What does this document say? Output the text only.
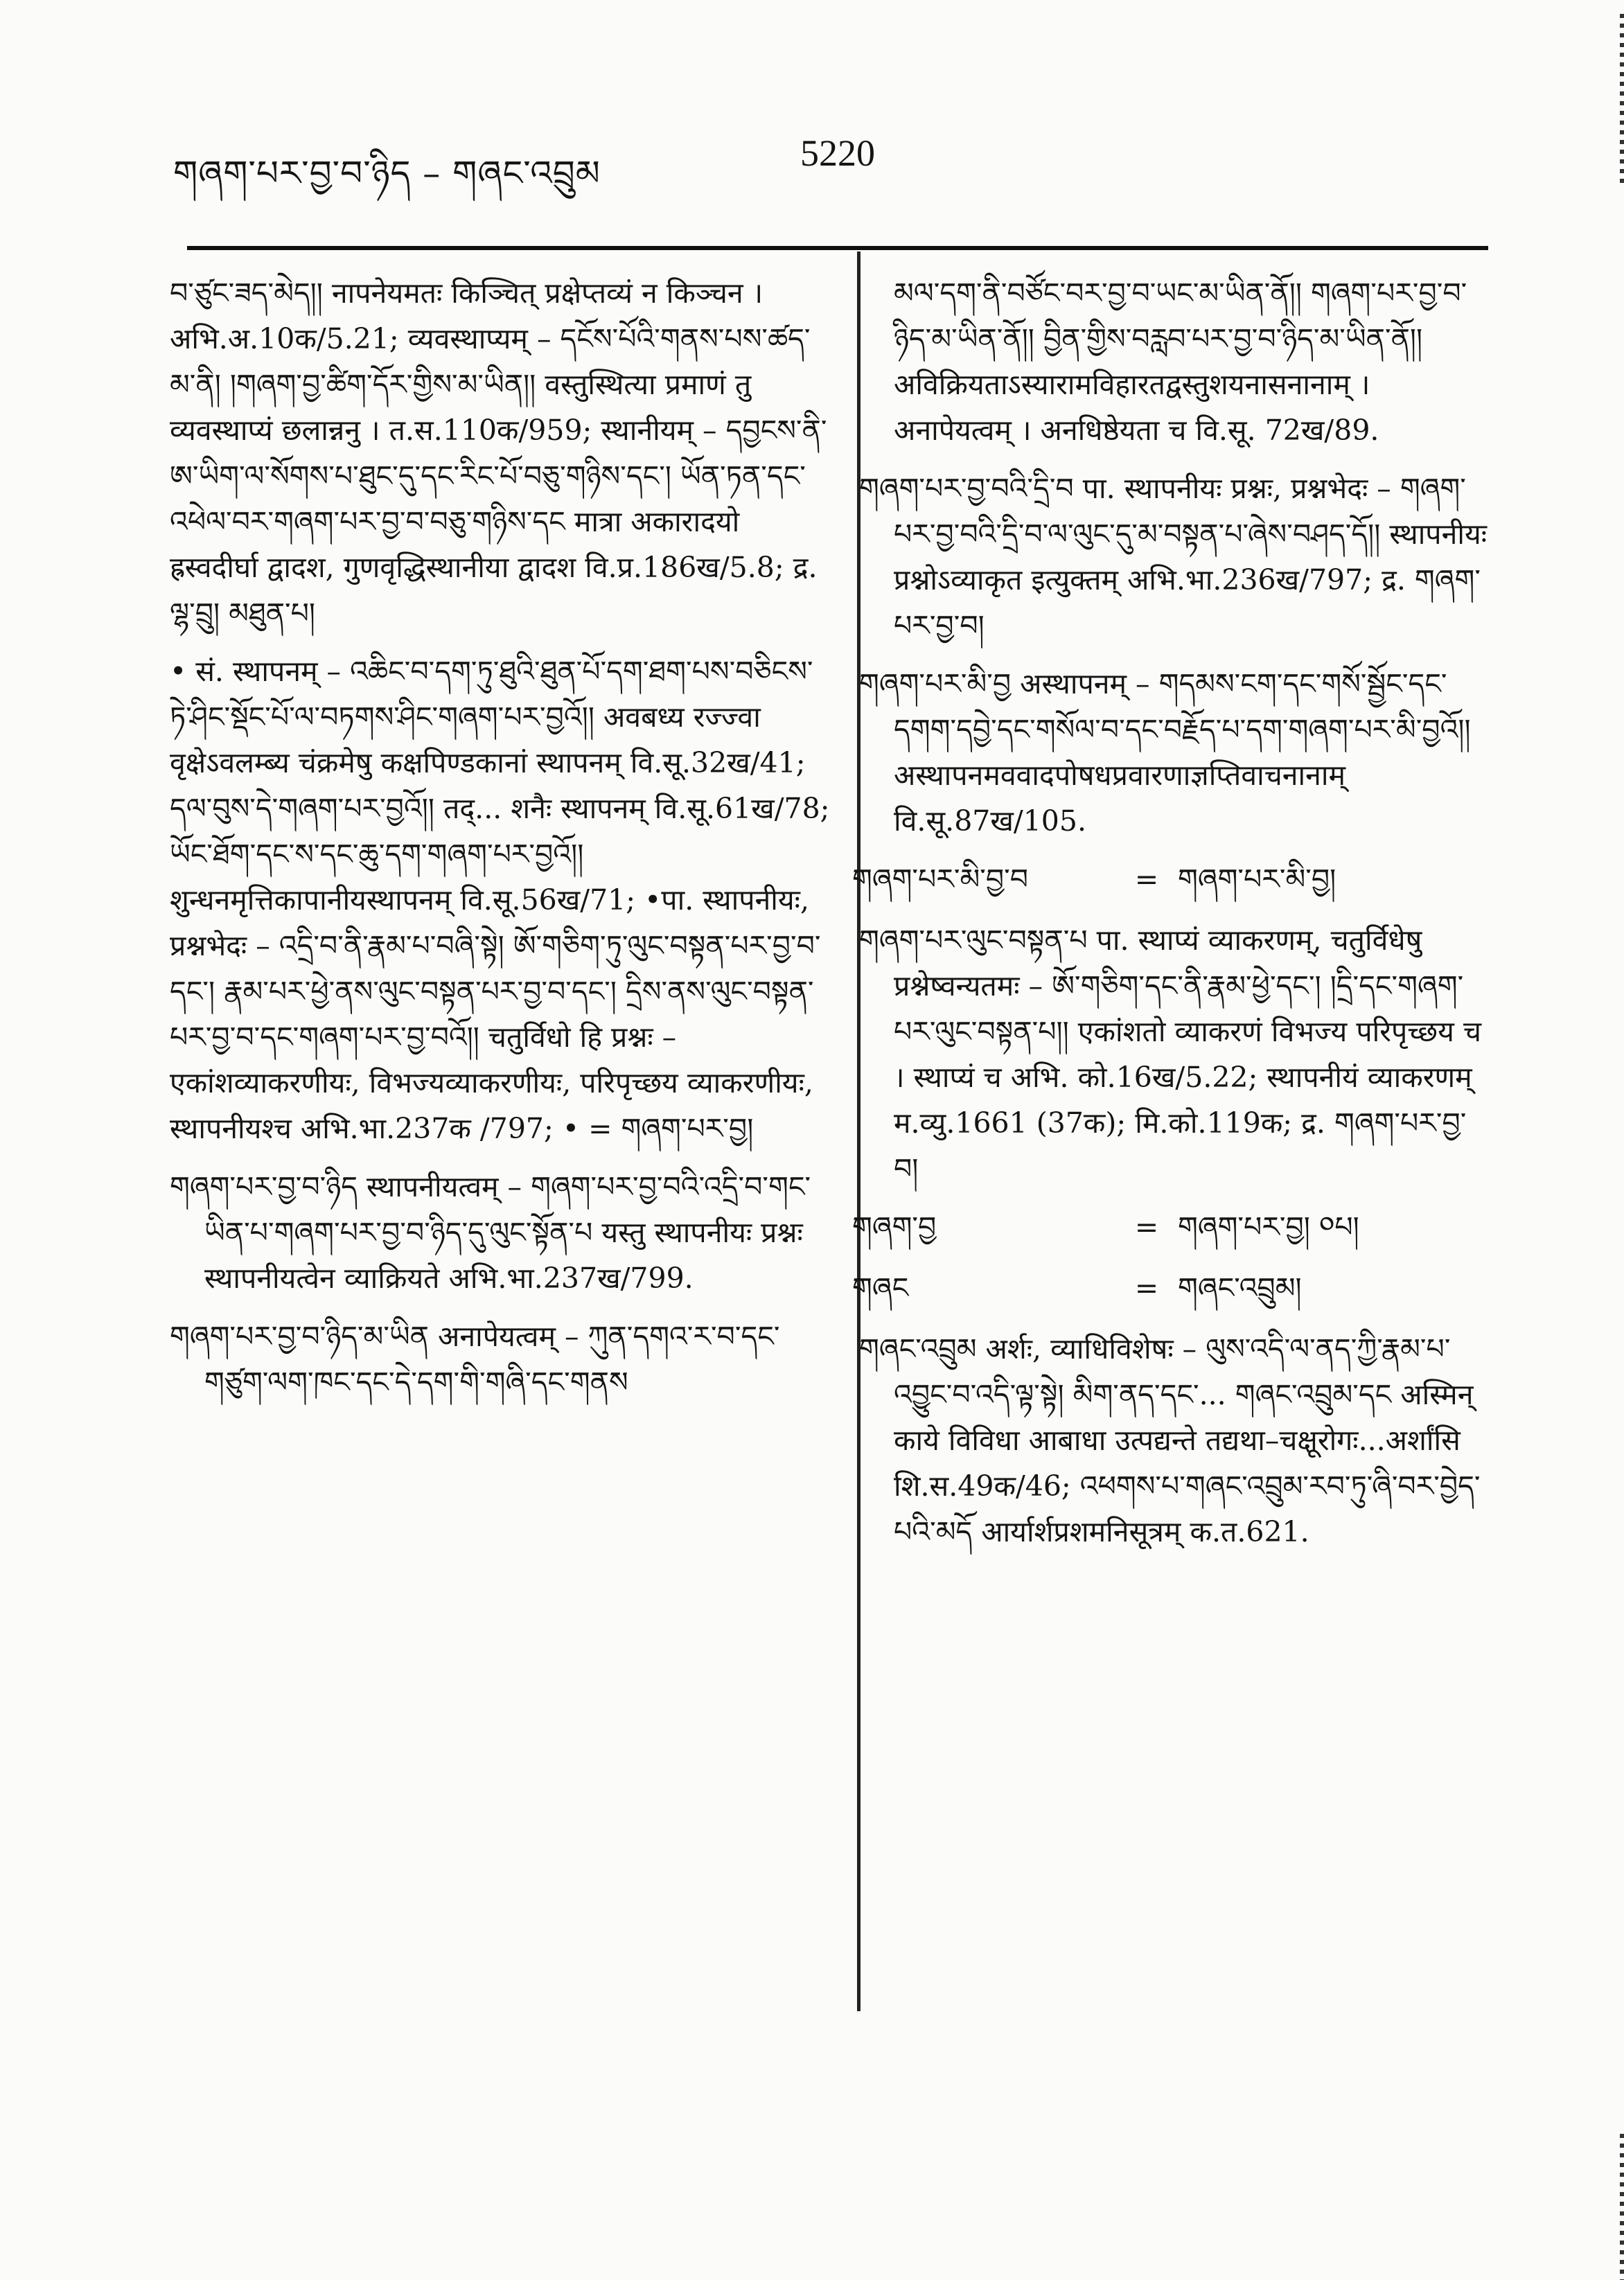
གཞག་པར་བྱ་བ་ཉིད – གཞང་འབྲུམ	5220

བ་ཙུང་ཟད་མེད།། नापनेयमतः किञ्चित् प्रक्षेप्तव्यं न किञ्चन । अभि.अ.10क/5.21; व्यवस्थाप्यम् – དངོས་པོའི་གནས་པས་ཚད་མ་ནི། །གཞག་བྱ་ཚིག་དོར་གྱིས་མ་ཡིན།། वस्तुस्थित्या प्रमाणं तु व्यवस्थाप्यं छलान्ननु । त.स.110क/959; स्थानीयम् – དབྱངས་ནི་ཨ་ཡིག་ལ་སོགས་པ་ཐུང་དུ་དང་རིང་པོ་བཅུ་གཉིས་དང་། ཡོན་ཏན་དང་འཕེལ་བར་གཞག་པར་བྱ་བ་བཅུ་གཉིས་དང मात्रा अकारादयो ह्रस्वदीर्घा द्वादश, गुणवृद्धिस्थानीया द्वादश वि.प्र.186ख/5.8; द्र. ལྷ་བྲུ། མཐུན་པ།

• सं. स्थापनम् – འཆིང་བ་དག་ཏུ་ཐུའི་ཐུན་པོ་དག་ཐག་པས་བཅིངས་ཏེ་ཤིང་སྡོང་པོ་ལ་བཏགས་ཤིང་གཞག་པར་བྱའོ།། अवबध्य रज्ज्वा वृक्षेऽवलम्ब्य चंक्रमेषु कक्षपिण्डकानां स्थापनम् वि.सू.32ख/41; དལ་བུས་དེ་གཞག་པར་བྱའོ།། तद्... शनैः स्थापनम् वि.सू.61ख/78; ཡོང་ཐོག་དང་ས་དང་ཆུ་དག་གཞག་པར་བྱའོ།། शुन्धनमृत्तिकापानीयस्थापनम् वि.सू.56ख/71; •पा. स्थापनीयः, प्रश्नभेदः – འདྲི་བ་ནི་རྣམ་པ་བཞི་སྟེ། ཨོ་གཅིག་ཏུ་ལུང་བསྟན་པར་བྱ་བ་དང་། རྣམ་པར་ཕྱེ་ནས་ལུང་བསྟན་པར་བྱ་བ་དང་། དྲིས་ནས་ལུང་བསྟན་པར་བྱ་བ་དང་གཞག་པར་བྱ་བའོ།། चतुर्विधो हि प्रश्नः –एकांशव्याकरणीयः, विभज्यव्याकरणीयः, परिपृच्छय व्याकरणीयः, स्थापनीयश्च अभि.भा.237क /797; • = གཞག་པར་བྱ།

གཞག་པར་བྱ་བ་ཉིད स्थापनीयत्वम् – གཞག་པར་བྱ་བའི་འདྲི་བ་གང་ཡིན་པ་གཞག་པར་བྱ་བ་ཉིད་དུ་ལུང་སྟོན་པ यस्तु स्थापनीयः प्रश्नः स्थापनीयत्वेन व्याक्रियते अभि.भा.237ख/799.

གཞག་པར་བྱ་བ་ཉིད་མ་ཡིན अनापेयत्वम् – ཀུན་དགའ་ར་བ་དང་གཙུག་ལག་ཁང་དང་དེ་དག་གི་གཞི་དང་གནས

མལ་དག་ནི་བཙོང་བར་བྱ་བ་ཡང་མ་ཡིན་ནོ།། གཞག་པར་བྱ་བ་ཉིད་མ་ཡིན་ནོ།། བྱིན་གྱིས་བརླབ་པར་བྱ་བ་ཉིད་མ་ཡིན་ནོ།། अविक्रियताऽस्यारामविहारतद्वस्तुशयनासनानाम् । अनापेयत्वम् । अनधिष्ठेयता च वि.सू. 72ख/89.

གཞག་པར་བྱ་བའི་དྲི་བ पा. स्थापनीयः प्रश्नः, प्रश्नभेदः – གཞག་པར་བྱ་བའི་དྲི་བ་ལ་ལུང་དུ་མ་བསྟན་པ་ཞེས་བཤད་དོ།། स्थापनीयः प्रश्नोऽव्याकृत इत्युक्तम् अभि.भा.236ख/797; द्र. གཞག་པར་བྱ་བ།

གཞག་པར་མི་བྱ अस्थापनम् – གདམས་ངག་དང་གསོ་སྦྱོང་དང་དགག་དབྱེ་དང་གསོལ་བ་དང་བརྗོད་པ་དག་གཞག་པར་མི་བྱའོ།། अस्थापनमववादपोषधप्रवारणाज्ञप्तिवाचनानाम् वि.सू.87ख/105.

གཞག་པར་མི་བྱ་བ	= གཞག་པར་མི་བྱ།

གཞག་པར་ལུང་བསྟན་པ पा. स्थाप्यं व्याकरणम्, चतुर्विधेषु प्रश्नेष्वन्यतमः – ཨོ་གཅིག་དང་ནི་རྣམ་ཕྱེ་དང་། །དྲི་དང་གཞག་པར་ལུང་བསྟན་པ།། एकांशतो व्याकरणं विभज्य परिपृच्छय च । स्थाप्यं च अभि. को.16ख/5.22; स्थापनीयं व्याकरणम् म.व्यु.1661 (37क); मि.को.119क; द्र. གཞག་པར་བྱ་བ།

གཞག་བྱ	= གཞག་པར་བྱ། ༠པ།
གཞང	= གཞང་འབྲུམ།

གཞང་འབྲུམ अर्शः, व्याधिविशेषः – ལུས་འདི་ལ་ནད་ཀྱི་རྣམ་པ་འབྱུང་བ་འདི་ལྟ་སྟེ། མིག་ནད་དང་... གཞང་འབྲུམ་དང अस्मिन् काये विविधा आबाधा उत्पद्यन्ते तद्यथा–चक्षूरोगः...अर्शांसि शि.स.49क/46; འཕགས་པ་གཞང་འབྲུམ་རབ་ཏུ་ཞི་བར་བྱེད་པའི་མདོ आर्यार्शप्रशमनिसूत्रम् क.त.621.
